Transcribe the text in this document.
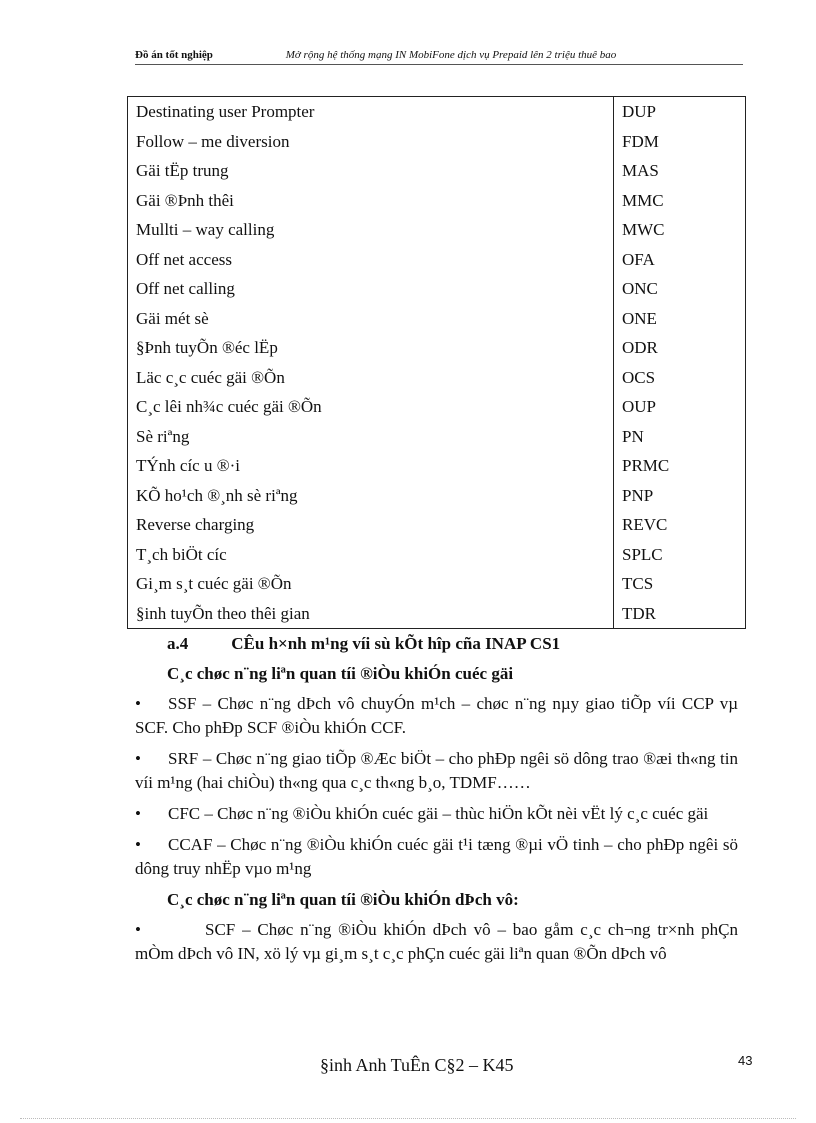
Đồ án tốt nghiệp	Mở rộng hệ thống mạng IN MobiFone dịch vụ Prepaid lên 2 triệu thuê bao
Destinating user Prompter	DUP
Follow – me diversion	FDM
Gäi tËp trung	MAS
Gäi ®Þnh thêi	MMC
Mullti – way calling	MWC
Off net access	OFA
Off net calling	ONC
Gäi mét sè	ONE
§Þnh tuyÕn ®éc lËp	ODR
Läc c¸c cuéc gäi ®Õn	OCS
C¸c lêi nh¾c cuéc gäi ®Õn	OUP
Sè riªng	PN
TÝnh cíc u ®·i	PRMC
KÕ ho¹ch ®¸nh sè riªng	PNP
Reverse charging	REVC
T¸ch biÖt cíc	SPLC
Gi¸m s¸t cuéc gäi ®Õn	TCS
§inh tuyÕn theo thêi gian	TDR
a.4	CÊu h×nh m¹ng víi sù kÕt hîp cña INAP CS1
C¸c chøc n¨ng liªn quan tíi ®iÒu khiÓn cuéc gäi
• SSF – Chøc n¨ng dÞch vô chuyÓn m¹ch – chøc n¨ng nµy giao tiÕp víi CCP vµ SCF. Cho phÐp SCF ®iÒu khiÓn CCF.
• SRF – Chøc n¨ng giao tiÕp ®Æc biÖt – cho phÐp ngêi sö dông trao ®æi th«ng tin víi m¹ng (hai chiÒu) th«ng qua c¸c th«ng b¸o, TDMF……
• CFC – Chøc n¨ng ®iÒu khiÓn cuéc gäi – thùc hiÖn kÕt nèi vËt lý c¸c cuéc gäi
• CCAF – Chøc n¨ng ®iÒu khiÓn cuéc gäi t¹i tæng ®µi vÖ tinh – cho phÐp ngêi sö dông truy nhËp vµo m¹ng
C¸c chøc n¨ng liªn quan tíi ®iÒu khiÓn dÞch vô:
•	SCF – Chøc n¨ng ®iÒu khiÓn dÞch vô – bao gåm c¸c ch¬ng tr×nh phÇn mÒm dÞch vô IN, xö lý vµ gi¸m s¸t c¸c phÇn cuéc gäi liªn quan ®Õn dÞch vô
§inh Anh TuÊn C§2 – K45	43
